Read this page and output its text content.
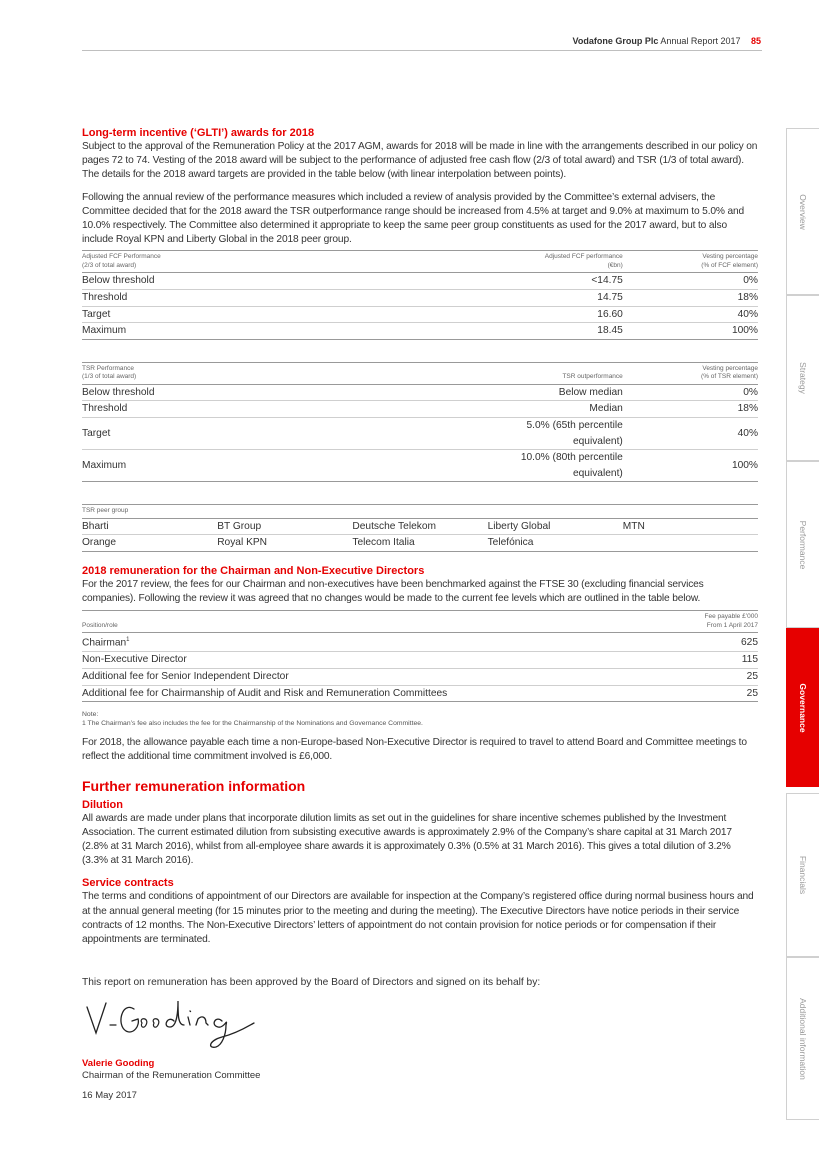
Vodafone Group Plc Annual Report 2017 85
Overview
Strategy
Performance
Governance
Financials
Additional information
Long-term incentive (‘GLTI’) awards for 2018

Subject to the approval of the Remuneration Policy at the 2017 AGM, awards for 2018 will be made in line with the arrangements described in our policy on pages 72 to 74. Vesting of the 2018 award will be subject to the performance of adjusted free cash flow (2/3 of total award) and TSR (1/3 of total award). The details for the 2018 award targets are provided in the table below (with linear interpolation between points).

Following the annual review of the performance measures which included a review of analysis provided by the Committee’s external advisers, the Committee decided that for the 2018 award the TSR outperformance range should be increased from 4.5% at target and 9.0% at maximum to 5.0% and 10.0% respectively. The Committee also determined it appropriate to keep the same peer group constituents as used for the 2017 award, but to also include Royal KPN and Liberty Global in the 2018 peer group.

Adjusted FCF Performance
(2/3 of total award)	Adjusted FCF performance
(€bn)	Vesting percentage
(% of FCF element)
Below threshold	<14.75	0%
Threshold	14.75	18%
Target	16.60	40%
Maximum	18.45	100%
TSR Performance
(1/3 of total award)	TSR outperformance	Vesting percentage
(% of TSR element)
Below threshold	Below median	0%
Threshold	Median	18%
Target	5.0% (65th percentile equivalent)	40%
Maximum	10.0% (80th percentile equivalent)	100%
TSR peer group				
Bharti	BT Group	Deutsche Telekom	Liberty Global	MTN
Orange	Royal KPN	Telecom Italia	Telefónica	
2018 remuneration for the Chairman and Non-Executive Directors

For the 2017 review, the fees for our Chairman and non-executives have been benchmarked against the FTSE 30 (excluding financial services companies). Following the review it was agreed that no changes would be made to the current fee levels which are outlined in the table below.

Position/role	Fee payable £’000
From 1 April 2017
Chairman$^1$	625
Non-Executive Director	115
Additional fee for Senior Independent Director	25
Additional fee for Chairmanship of Audit and Risk and Remuneration Committees	25
Note:
1 The Chairman’s fee also includes the fee for the Chairmanship of the Nominations and Governance Committee.

For 2018, the allowance payable each time a non-Europe-based Non-Executive Director is required to travel to attend Board and Committee meetings to reflect the additional time commitment involved is £6,000.

Further remuneration information
Dilution

All awards are made under plans that incorporate dilution limits as set out in the guidelines for share incentive schemes published by the Investment Association. The current estimated dilution from subsisting executive awards is approximately 2.9% of the Company’s share capital at 31 March 2017 (2.8% at 31 March 2016), whilst from all-employee share awards it is approximately 0.3% (0.5% at 31 March 2016). This gives a total dilution of 3.2% (3.3% at 31 March 2016).

Service contracts

The terms and conditions of appointment of our Directors are available for inspection at the Company’s registered office during normal business hours and at the annual general meeting (for 15 minutes prior to the meeting and during the meeting). The Executive Directors have notice periods in their service contracts of 12 months. The Non-Executive Directors’ letters of appointment do not contain provision for notice periods or for compensation if their appointments are terminated.

This report on remuneration has been approved by the Board of Directors and signed on its behalf by:
Valerie Gooding
Chairman of the Remuneration Committee
16 May 2017
